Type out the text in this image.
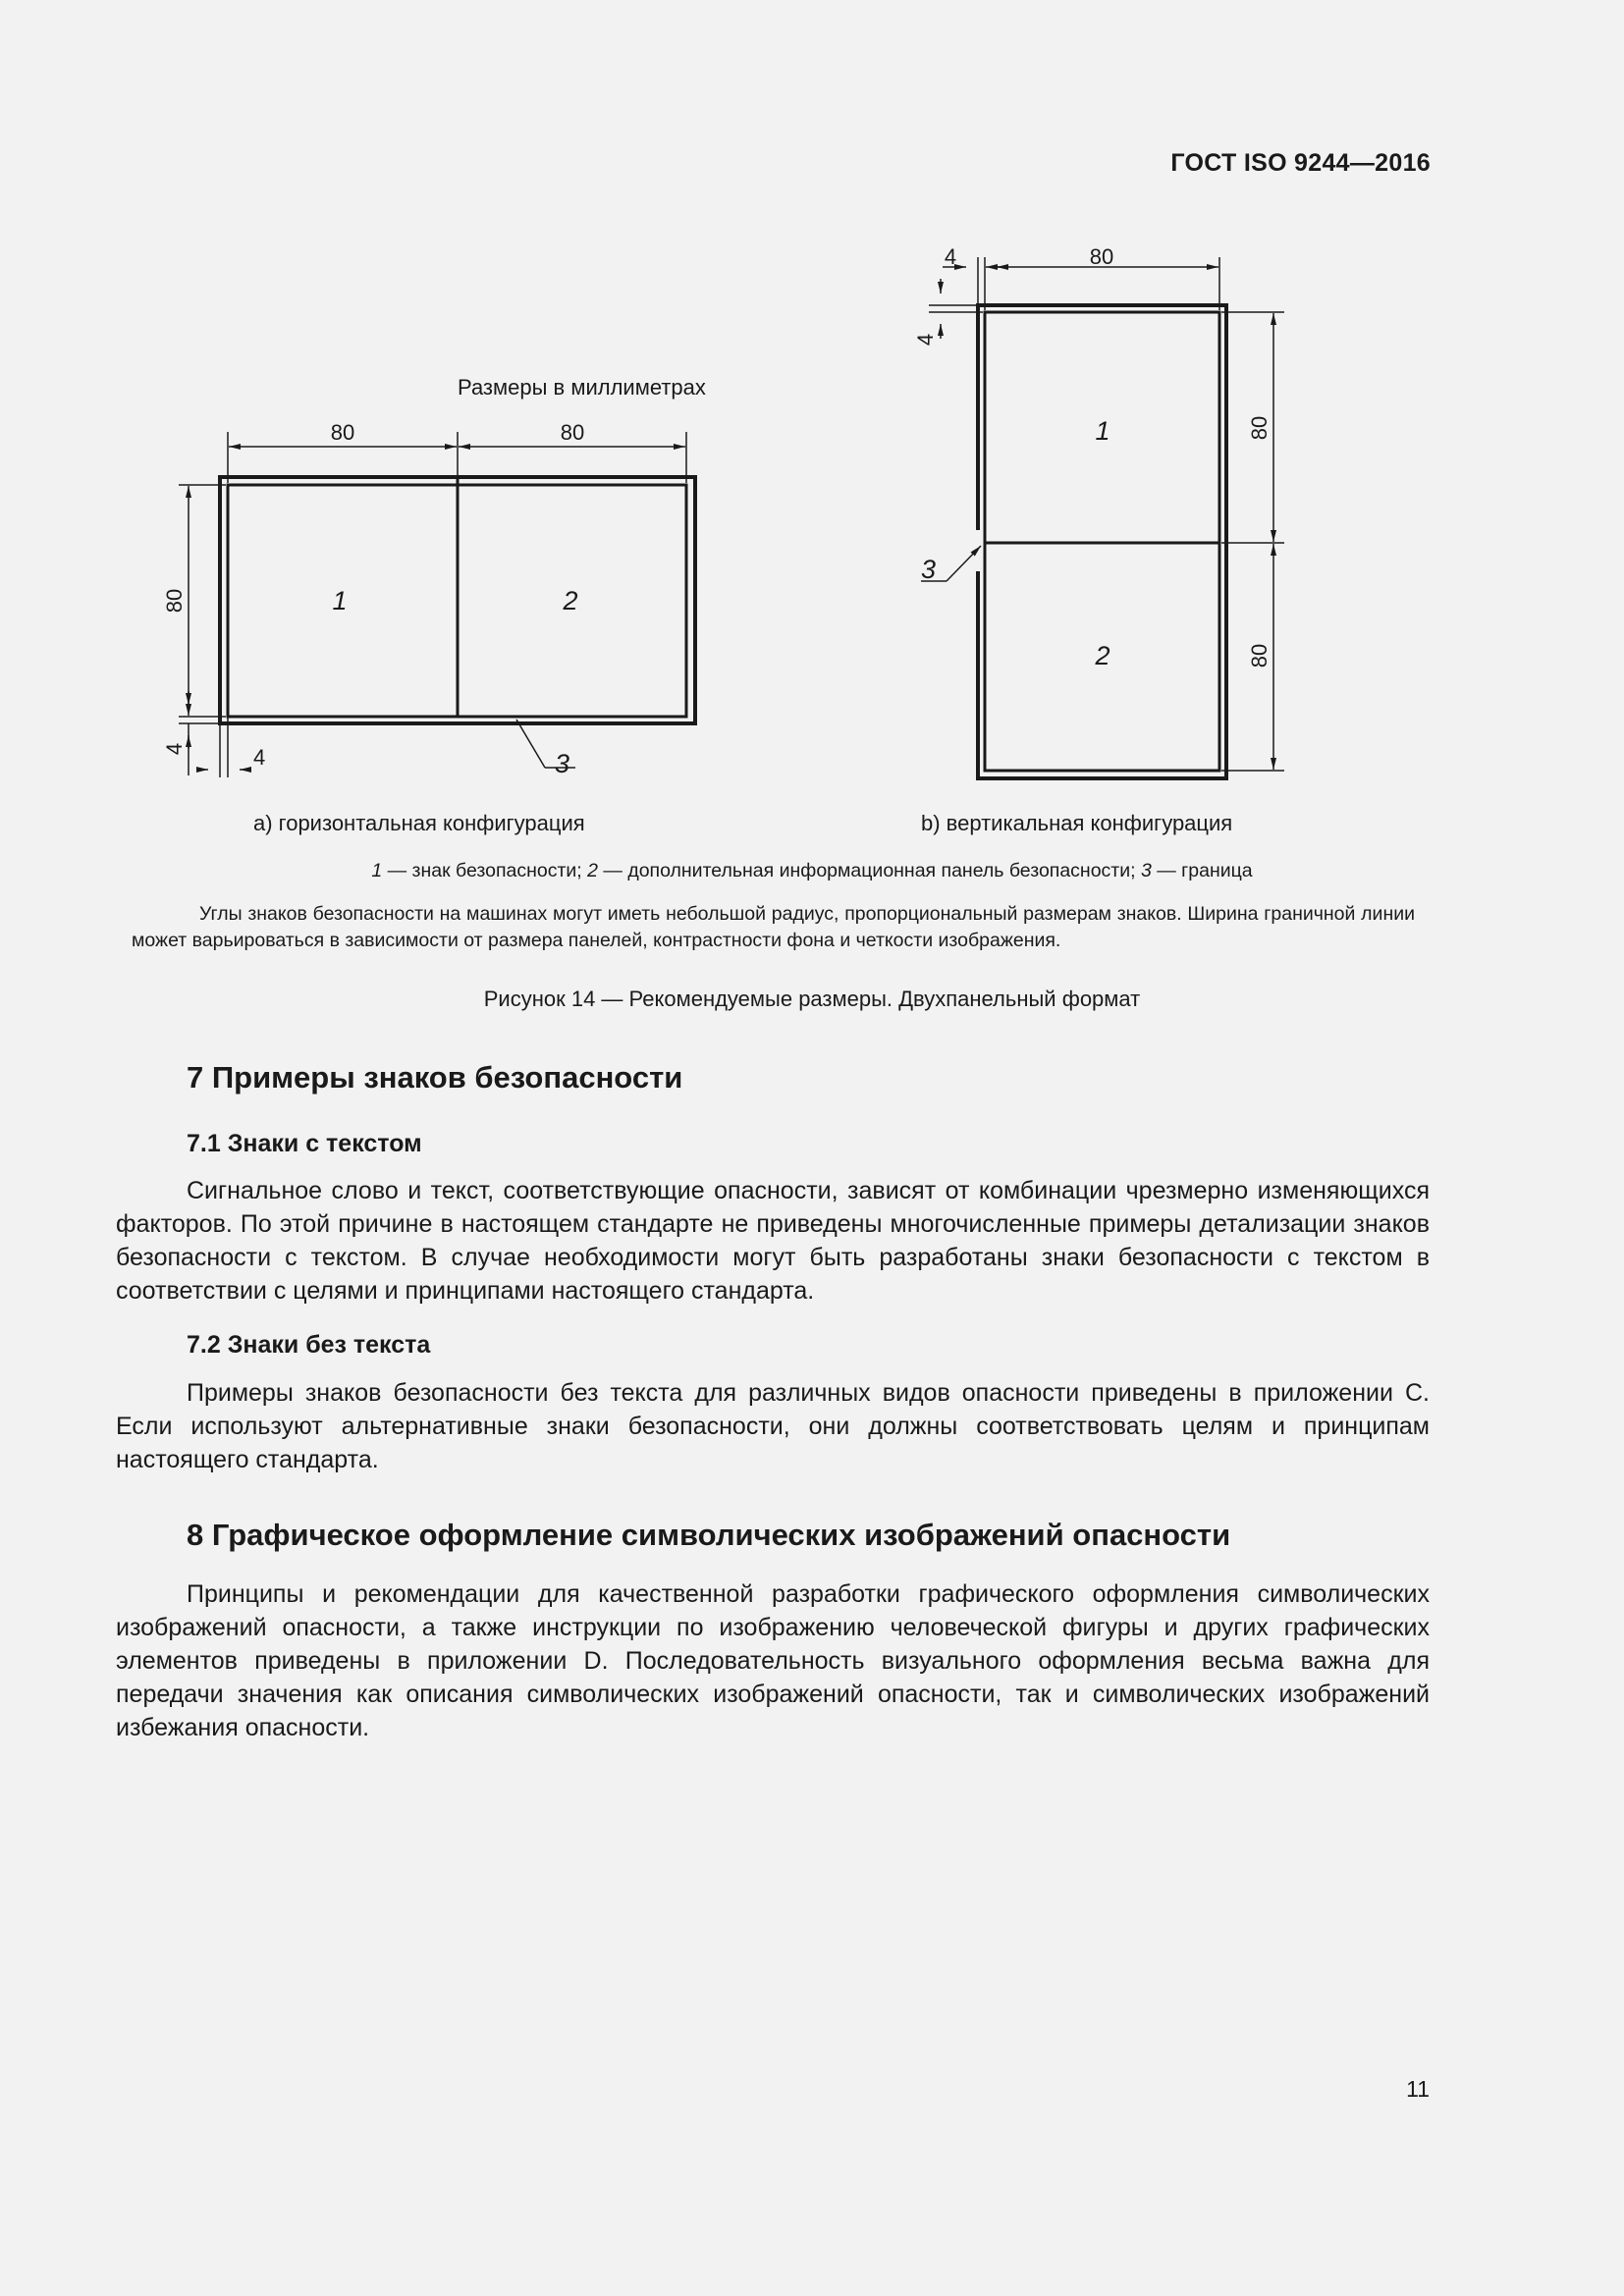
ГОСТ ISO 9244—2016
Размеры в миллиметрах
80	80
80
4	4
1	2
3
4	80
4
80
80
1
2
3
a) горизонтальная конфигурация	b) вертикальная конфигурация
1 — знак безопасности; 2 — дополнительная информационная панель безопасности; 3 — граница
Углы знаков безопасности на машинах могут иметь небольшой радиус, пропорциональный размерам знаков. Ширина граничной линии может варьироваться в зависимости от размера панелей, контрастности фона и четкости изображения.
Рисунок 14 — Рекомендуемые размеры. Двухпанельный формат
7 Примеры знаков безопасности
7.1 Знаки с текстом
Сигнальное слово и текст, соответствующие опасности, зависят от комбинации чрезмерно изменяющихся факторов. По этой причине в настоящем стандарте не приведены многочисленные примеры детализации знаков безопасности с текстом. В случае необходимости могут быть разработаны знаки безопасности с текстом в соответствии с целями и принципами настоящего стандарта.
7.2 Знаки без текста
Примеры знаков безопасности без текста для различных видов опасности приведены в приложении С. Если используют альтернативные знаки безопасности, они должны соответствовать целям и принципам настоящего стандарта.
8 Графическое оформление символических изображений опасности
Принципы и рекомендации для качественной разработки графического оформления символических изображений опасности, а также инструкции по изображению человеческой фигуры и других графических элементов приведены в приложении D. Последовательность визуального оформления весьма важна для передачи значения как описания символических изображений опасности, так и символических изображений избежания опасности.
11
